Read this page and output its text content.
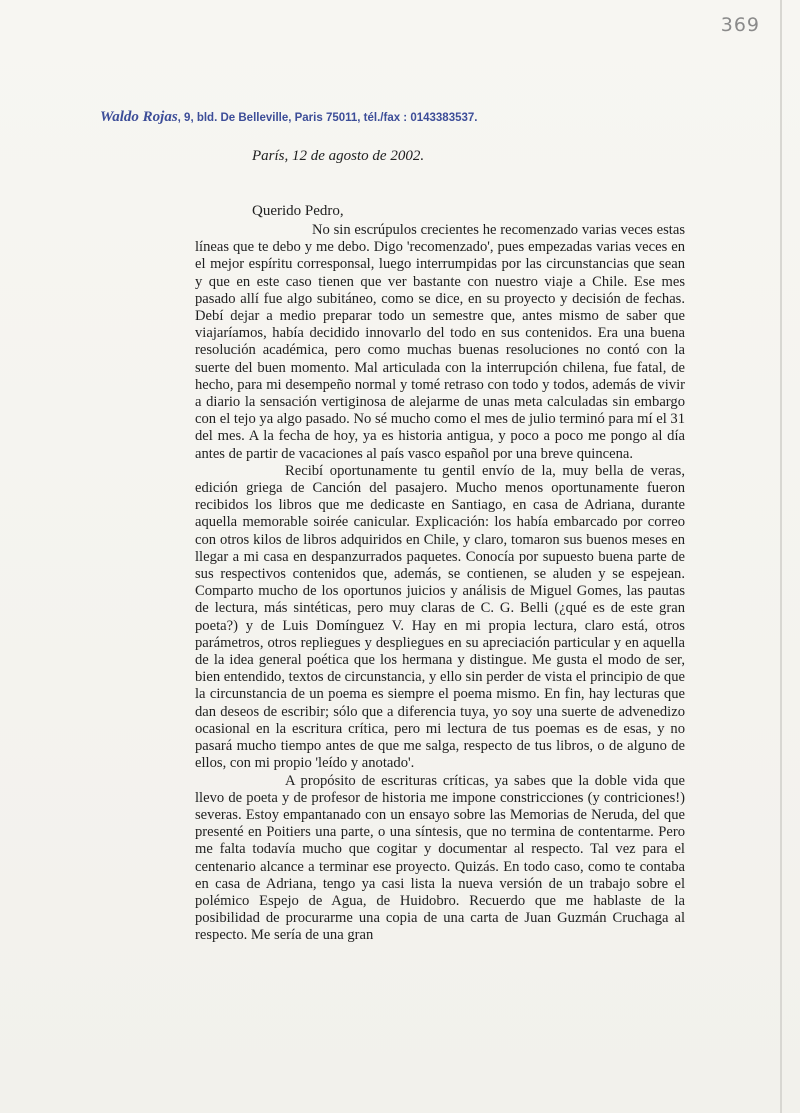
369
Waldo Rojas, 9, bld. De Belleville, Paris 75011, tél./fax : 0143383537.
París, 12 de agosto de 2002.
Querido Pedro,

No sin escrúpulos crecientes he recomenzado varias veces estas líneas que te debo y me debo. Digo 'recomenzado', pues empezadas varias veces en el mejor espíritu corresponsal, luego interrumpidas por las circunstancias que sean y que en este caso tienen que ver bastante con nuestro viaje a Chile. Ese mes pasado allí fue algo subitáneo, como se dice, en su proyecto y decisión de fechas. Debí dejar a medio preparar todo un semestre que, antes mismo de saber que viajaríamos, había decidido innovarlo del todo en sus contenidos. Era una buena resolución académica, pero como muchas buenas resoluciones no contó con la suerte del buen momento. Mal articulada con la interrupción chilena, fue fatal, de hecho, para mi desempeño normal y tomé retraso con todo y todos, además de vivir a diario la sensación vertiginosa de alejarme de unas meta calculadas sin embargo con el tejo ya algo pasado. No sé mucho como el mes de julio terminó para mí el 31 del mes. A la fecha de hoy, ya es historia antigua, y poco a poco me pongo al día antes de partir de vacaciones al país vasco español por una breve quincena.

Recibí oportunamente tu gentil envío de la, muy bella de veras, edición griega de Canción del pasajero. Mucho menos oportunamente fueron recibidos los libros que me dedicaste en Santiago, en casa de Adriana, durante aquella memorable soirée canicular. Explicación: los había embarcado por correo con otros kilos de libros adquiridos en Chile, y claro, tomaron sus buenos meses en llegar a mi casa en despanzurrados paquetes. Conocía por supuesto buena parte de sus respectivos contenidos que, además, se contienen, se aluden y se espejean. Comparto mucho de los oportunos juicios y análisis de Miguel Gomes, las pautas de lectura, más sintéticas, pero muy claras de C. G. Belli (¿qué es de este gran poeta?) y de Luis Domínguez V. Hay en mi propia lectura, claro está, otros parámetros, otros repliegues y despliegues en su apreciación particular y en aquella de la idea general poética que los hermana y distingue. Me gusta el modo de ser, bien entendido, textos de circunstancia, y ello sin perder de vista el principio de que la circunstancia de un poema es siempre el poema mismo. En fin, hay lecturas que dan deseos de escribir; sólo que a diferencia tuya, yo soy una suerte de advenedizo ocasional en la escritura crítica, pero mi lectura de tus poemas es de esas, y no pasará mucho tiempo antes de que me salga, respecto de tus libros, o de alguno de ellos, con mi propio 'leído y anotado'.

A propósito de escrituras críticas, ya sabes que la doble vida que llevo de poeta y de profesor de historia me impone constricciones (y contriciones!) severas. Estoy empantanado con un ensayo sobre las Memorias de Neruda, del que presenté en Poitiers una parte, o una síntesis, que no termina de contentarme. Pero me falta todavía mucho que cogitar y documentar al respecto. Tal vez para el centenario alcance a terminar ese proyecto. Quizás. En todo caso, como te contaba en casa de Adriana, tengo ya casi lista la nueva versión de un trabajo sobre el polémico Espejo de Agua, de Huidobro. Recuerdo que me hablaste de la posibilidad de procurarme una copia de una carta de Juan Guzmán Cruchaga al respecto. Me sería de una gran
